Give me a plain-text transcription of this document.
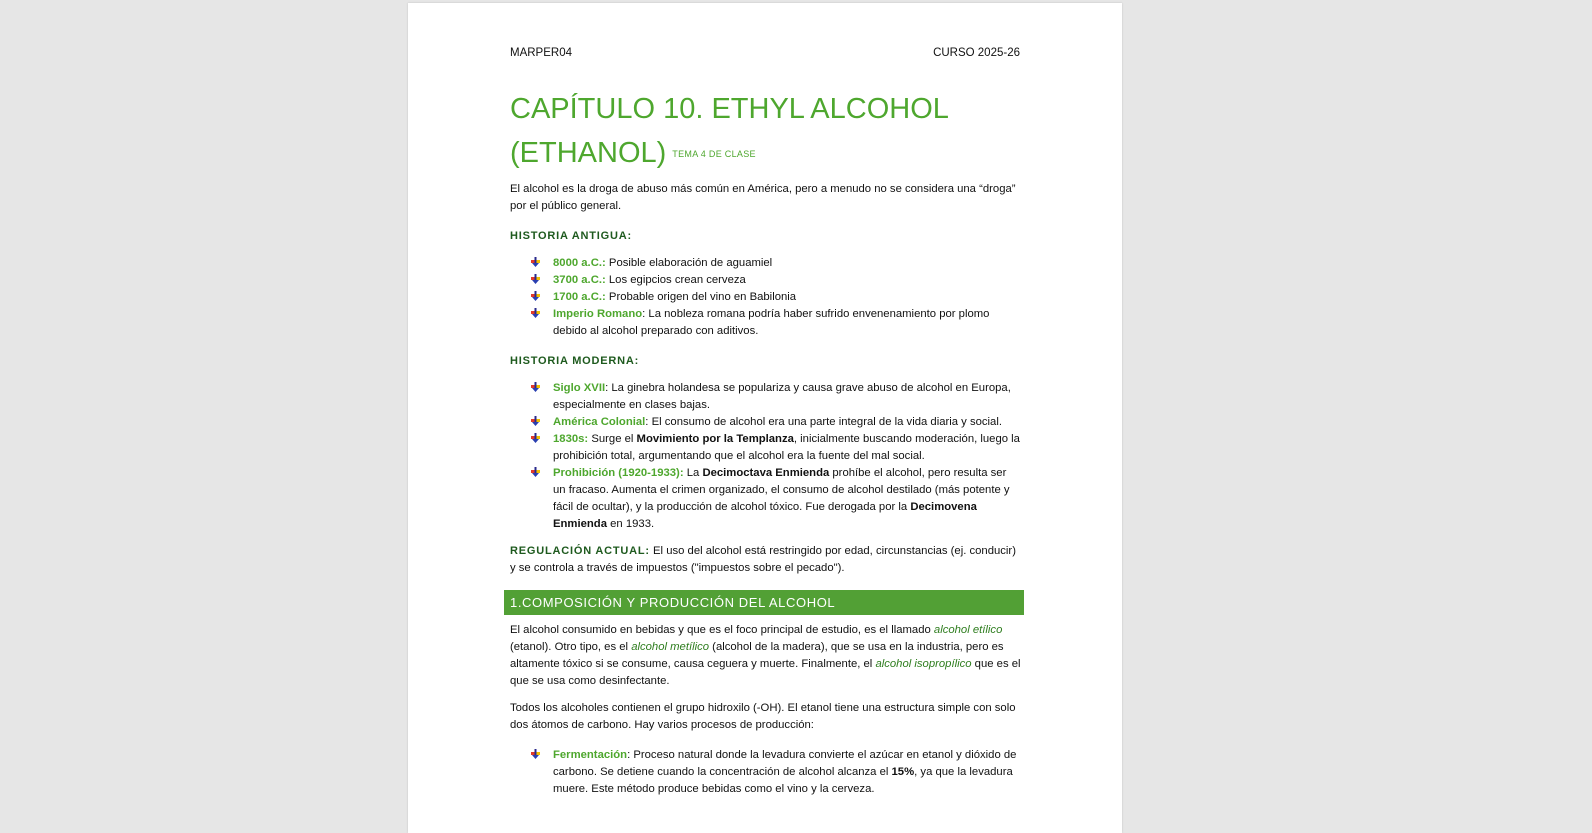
MARPER04	CURSO 2025-26
CAPÍTULO 10. ETHYL ALCOHOL
(ETHANOL) TEMA 4 DE CLASE

El alcohol es la droga de abuso más común en América, pero a menudo no se considera una “droga” por el público general.

HISTORIA ANTIGUA:
8000 a.C.: Posible elaboración de aguamiel
3700 a.C.: Los egipcios crean cerveza
1700 a.C.: Probable origen del vino en Babilonia
Imperio Romano: La nobleza romana podría haber sufrido envenenamiento por plomo debido al alcohol preparado con aditivos.
HISTORIA MODERNA:
Siglo XVII: La ginebra holandesa se populariza y causa grave abuso de alcohol en Europa, especialmente en clases bajas.
América Colonial: El consumo de alcohol era una parte integral de la vida diaria y social.
1830s: Surge el Movimiento por la Templanza, inicialmente buscando moderación, luego la prohibición total, argumentando que el alcohol era la fuente del mal social.
Prohibición (1920-1933): La Decimoctava Enmienda prohíbe el alcohol, pero resulta ser un fracaso. Aumenta el crimen organizado, el consumo de alcohol destilado (más potente y fácil de ocultar), y la producción de alcohol tóxico. Fue derogada por la Decimovena Enmienda en 1933.

REGULACIÓN ACTUAL: El uso del alcohol está restringido por edad, circunstancias (ej. conducir) y se controla a través de impuestos ("impuestos sobre el pecado").

1.COMPOSICIÓN Y PRODUCCIÓN DEL ALCOHOL

El alcohol consumido en bebidas y que es el foco principal de estudio, es el llamado alcohol etílico (etanol). Otro tipo, es el alcohol metílico (alcohol de la madera), que se usa en la industria, pero es altamente tóxico si se consume, causa ceguera y muerte. Finalmente, el alcohol isopropílico que es el que se usa como desinfectante.

Todos los alcoholes contienen el grupo hidroxilo (-OH). El etanol tiene una estructura simple con solo dos átomos de carbono. Hay varios procesos de producción:

Fermentación: Proceso natural donde la levadura convierte el azúcar en etanol y dióxido de carbono. Se detiene cuando la concentración de alcohol alcanza el 15%, ya que la levadura muere. Este método produce bebidas como el vino y la cerveza.
